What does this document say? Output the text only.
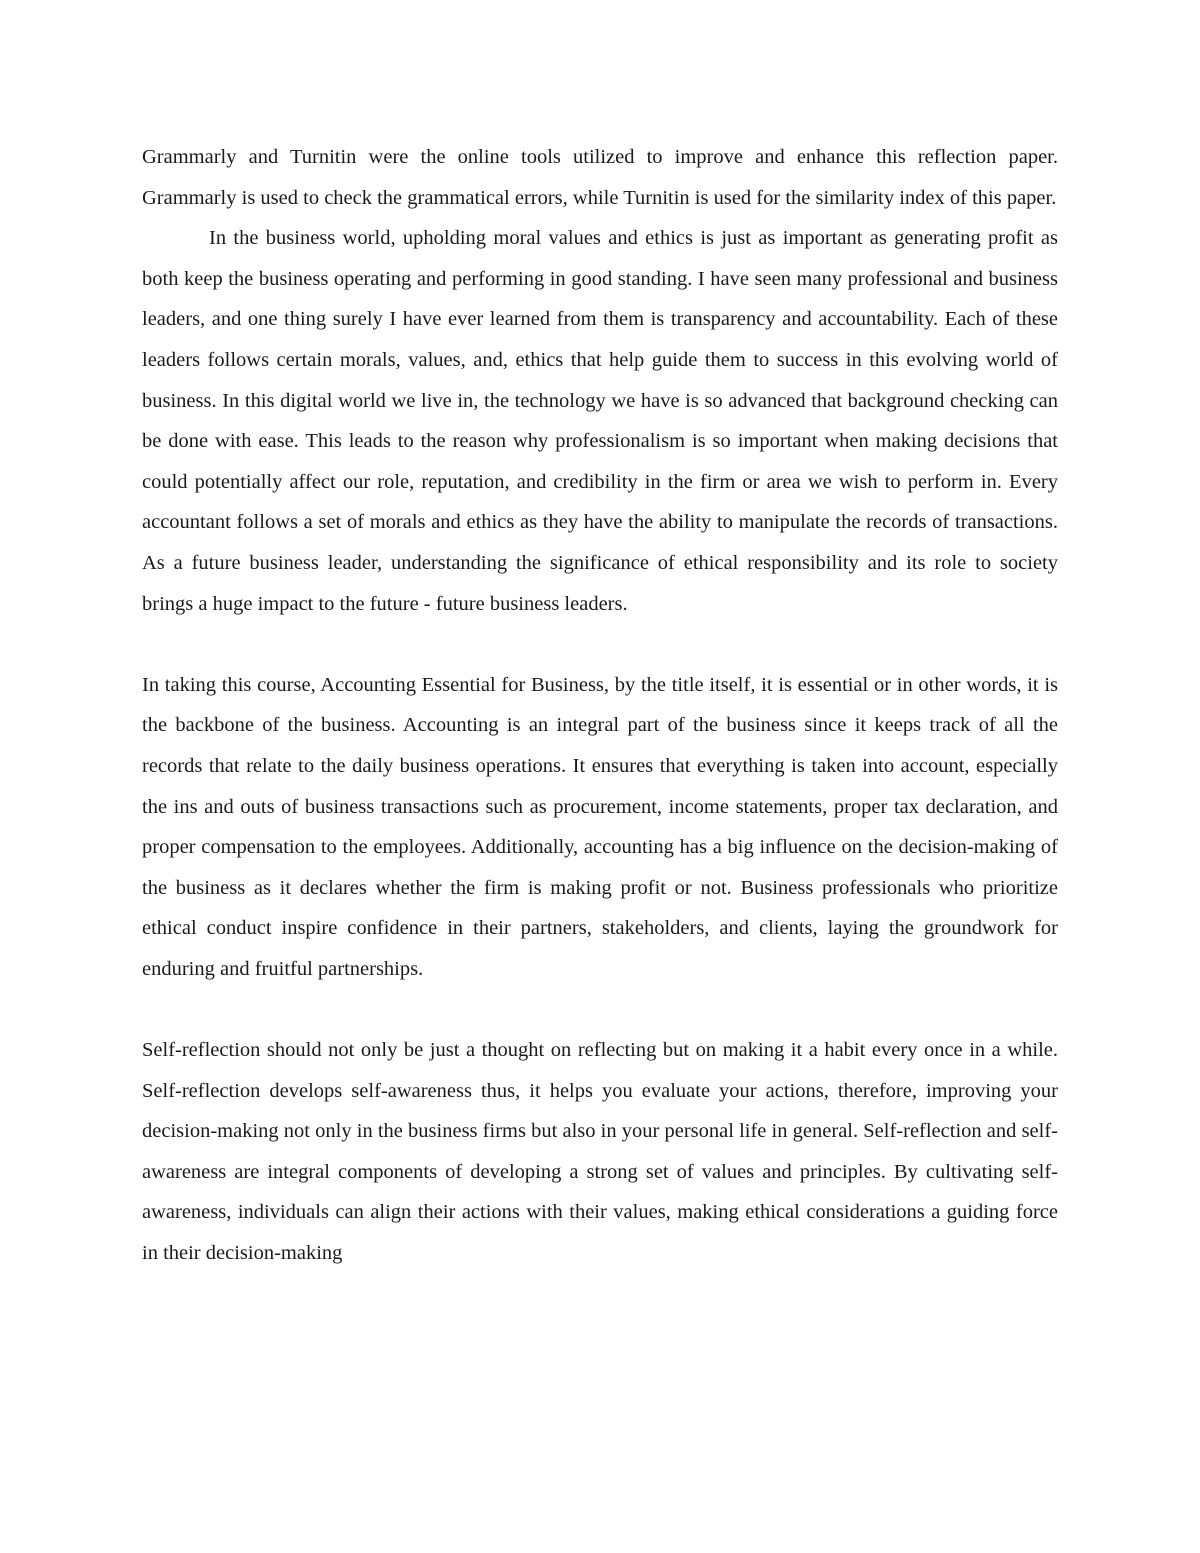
Grammarly and Turnitin were the online tools utilized to improve and enhance this reflection paper. Grammarly is used to check the grammatical errors, while Turnitin is used for the similarity index of this paper.

In the business world, upholding moral values and ethics is just as important as generating profit as both keep the business operating and performing in good standing. I have seen many professional and business leaders, and one thing surely I have ever learned from them is transparency and accountability. Each of these leaders follows certain morals, values, and, ethics that help guide them to success in this evolving world of business. In this digital world we live in, the technology we have is so advanced that background checking can be done with ease. This leads to the reason why professionalism is so important when making decisions that could potentially affect our role, reputation, and credibility in the firm or area we wish to perform in. Every accountant follows a set of morals and ethics as they have the ability to manipulate the records of transactions. As a future business leader, understanding the significance of ethical responsibility and its role to society brings a huge impact to the future - future business leaders.

In taking this course, Accounting Essential for Business, by the title itself, it is essential or in other words, it is the backbone of the business. Accounting is an integral part of the business since it keeps track of all the records that relate to the daily business operations. It ensures that everything is taken into account, especially the ins and outs of business transactions such as procurement, income statements, proper tax declaration, and proper compensation to the employees. Additionally, accounting has a big influence on the decision-making of the business as it declares whether the firm is making profit or not. Business professionals who prioritize ethical conduct inspire confidence in their partners, stakeholders, and clients, laying the groundwork for enduring and fruitful partnerships.

Self-reflection should not only be just a thought on reflecting but on making it a habit every once in a while. Self-reflection develops self-awareness thus, it helps you evaluate your actions, therefore, improving your decision-making not only in the business firms but also in your personal life in general. Self-reflection and self-awareness are integral components of developing a strong set of values and principles. By cultivating self-awareness, individuals can align their actions with their values, making ethical considerations a guiding force in their decision-making
